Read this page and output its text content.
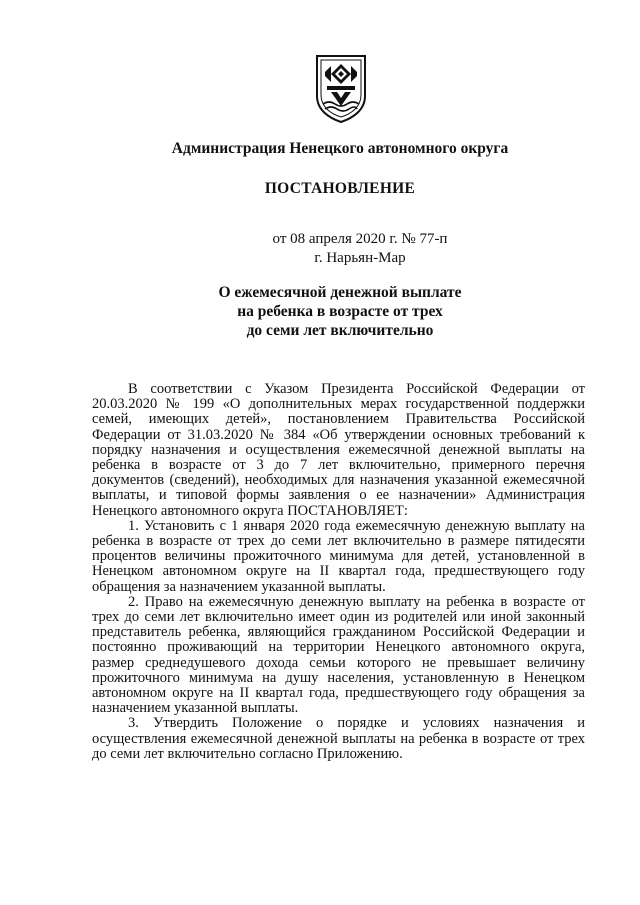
Администрация Ненецкого автономного округа
ПОСТАНОВЛЕНИЕ
от 08 апреля 2020 г. № 77-п
г. Нарьян-Мар
О ежемесячной денежной выплате
на ребенка в возрасте от трех
до семи лет включительно

В соответствии с Указом Президента Российской Федерации от 20.03.2020 № 199 «О дополнительных мерах государственной поддержки семей, имеющих детей», постановлением Правительства Российской Федерации от 31.03.2020 № 384 «Об утверждении основных требований к порядку назначения и осуществления ежемесячной денежной выплаты на ребенка в возрасте от 3 до 7 лет включительно, примерного перечня документов (сведений), необходимых для назначения указанной ежемесячной выплаты, и типовой формы заявления о ее назначении» Администрация Ненецкого автономного округа ПОСТАНОВЛЯЕТ:

1. Установить с 1 января 2020 года ежемесячную денежную выплату на ребенка в возрасте от трех до семи лет включительно в размере пятидесяти процентов величины прожиточного минимума для детей, установленной в Ненецком автономном округе на II квартал года, предшествующего году обращения за назначением указанной выплаты.

2. Право на ежемесячную денежную выплату на ребенка в возрасте от трех до семи лет включительно имеет один из родителей или иной законный представитель ребенка, являющийся гражданином Российской Федерации и постоянно проживающий на территории Ненецкого автономного округа, размер среднедушевого дохода семьи которого не превышает величину прожиточного минимума на душу населения, установленную в Ненецком автономном округе на II квартал года, предшествующего году обращения за назначением указанной выплаты.

3. Утвердить Положение о порядке и условиях назначения и осуществления ежемесячной денежной выплаты на ребенка в возрасте от трех до семи лет включительно согласно Приложению.
